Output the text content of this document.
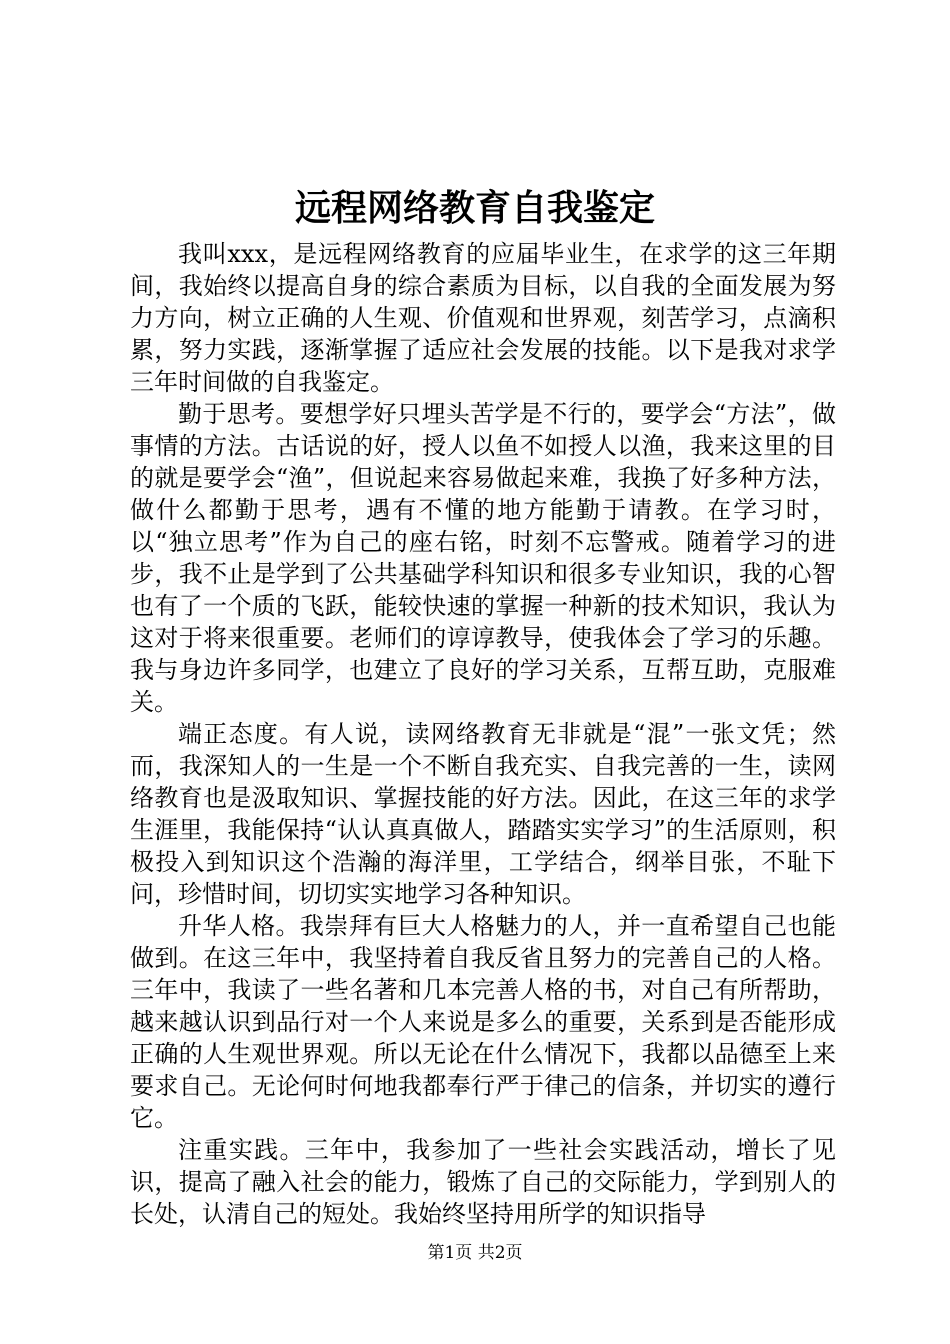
远程网络教育自我鉴定

我叫xxx，是远程网络教育的应届毕业生，在求学的这三年期间，我始终以提高自身的综合素质为目标，以自我的全面发展为努力方向，树立正确的人生观、价值观和世界观，刻苦学习，点滴积累，努力实践，逐渐掌握了适应社会发展的技能。以下是我对求学三年时间做的自我鉴定。

勤于思考。要想学好只埋头苦学是不行的，要学会“方法”，做事情的方法。古话说的好，授人以鱼不如授人以渔，我来这里的目的就是要学会“渔”，但说起来容易做起来难，我换了好多种方法，做什么都勤于思考，遇有不懂的地方能勤于请教。在学习时，以“独立思考”作为自己的座右铭，时刻不忘警戒。随着学习的进步，我不止是学到了公共基础学科知识和很多专业知识，我的心智也有了一个质的飞跃，能较快速的掌握一种新的技术知识，我认为这对于将来很重要。老师们的谆谆教导，使我体会了学习的乐趣。我与身边许多同学，也建立了良好的学习关系，互帮互助，克服难关。

端正态度。有人说，读网络教育无非就是“混”一张文凭；然而，我深知人的一生是一个不断自我充实、自我完善的一生，读网络教育也是汲取知识、掌握技能的好方法。因此，在这三年的求学生涯里，我能保持“认认真真做人，踏踏实实学习”的生活原则，积极投入到知识这个浩瀚的海洋里，工学结合，纲举目张，不耻下问，珍惜时间，切切实实地学习各种知识。

升华人格。我崇拜有巨大人格魅力的人，并一直希望自己也能做到。在这三年中，我坚持着自我反省且努力的完善自己的人格。三年中，我读了一些名著和几本完善人格的书，对自己有所帮助，越来越认识到品行对一个人来说是多么的重要，关系到是否能形成正确的人生观世界观。所以无论在什么情况下，我都以品德至上来要求自己。无论何时何地我都奉行严于律己的信条，并切实的遵行它。

注重实践。三年中，我参加了一些社会实践活动，增长了见识，提高了融入社会的能力，锻炼了自己的交际能力，学到别人的长处，认清自己的短处。我始终坚持用所学的知识指导

第1页 共2页
